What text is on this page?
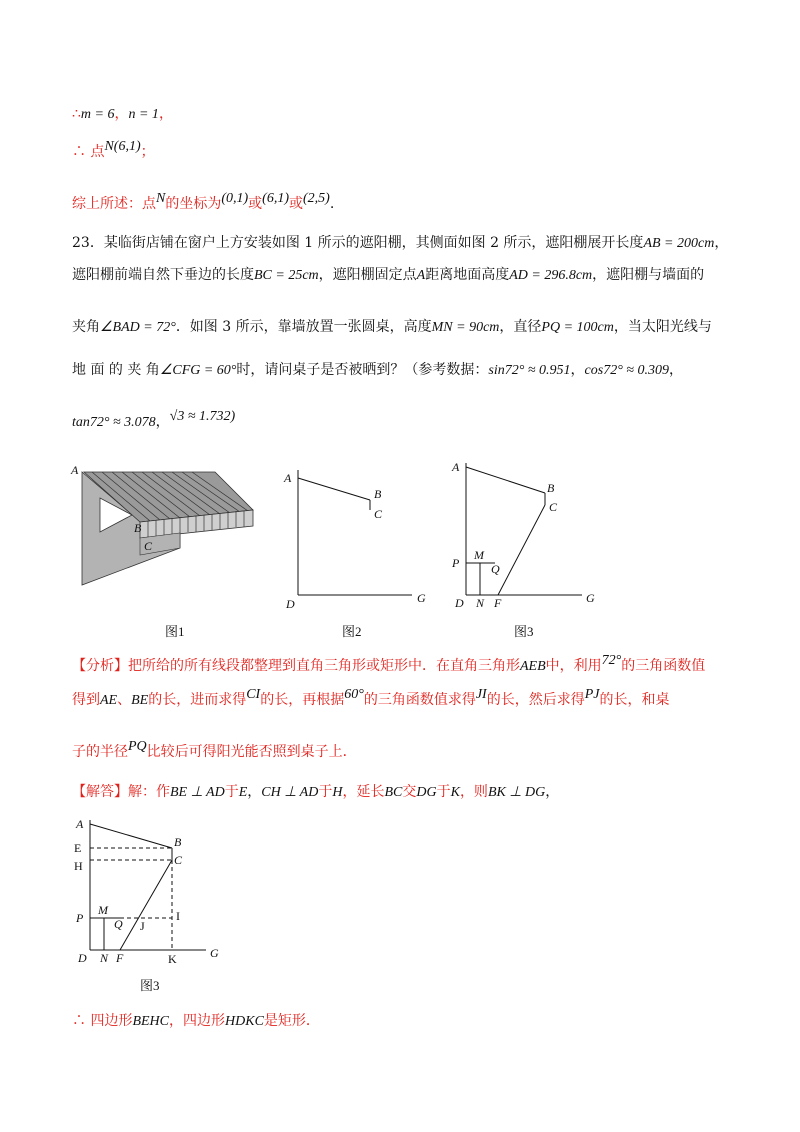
∴m = 6，n = 1，
∴ 点N(6,1)；
综上所述：点N的坐标为(0,1)或(6,1)或(2,5).
23．某临街店铺在窗户上方安装如图 1 所示的遮阳棚，其侧面如图 2 所示，遮阳棚展开长度AB = 200cm，
遮阳棚前端自然下垂边的长度BC = 25cm，遮阳棚固定点A距离地面高度AD = 296.8cm，遮阳棚与墙面的
夹角∠BAD = 72°．如图 3 所示，靠墙放置一张圆桌，高度MN = 90cm，直径PQ = 100cm，当太阳光线与
地 面 的 夹 角∠CFG = 60°时，请问桌子是否被晒到？（参考数据：sin72° ≈ 0.951，cos72° ≈ 0.309，
tan72° ≈ 3.078，√3 ≈ 1.732)
A
B
C
图1
A
B
C
D	G
图2
A
B
C
P
M
Q
D N F	G
图3
【分析】把所给的所有线段都整理到直角三角形或矩形中．在直角三角形AEB中，利用72°的三角函数值
得到AE、BE的长，进而求得CI的长，再根据60°的三角函数值求得JI的长，然后求得PJ的长，和桌
子的半径PQ比较后可得阳光能否照到桌子上．
【解答】解：作BE ⊥ AD于E，CH ⊥ AD于H，延长BC交DG于K，则BK ⊥ DG，
A
E
H
B
C
P
M
Q
I
J
D N F	K	G
图3
∴ 四边形BEHC，四边形HDKC是矩形．
